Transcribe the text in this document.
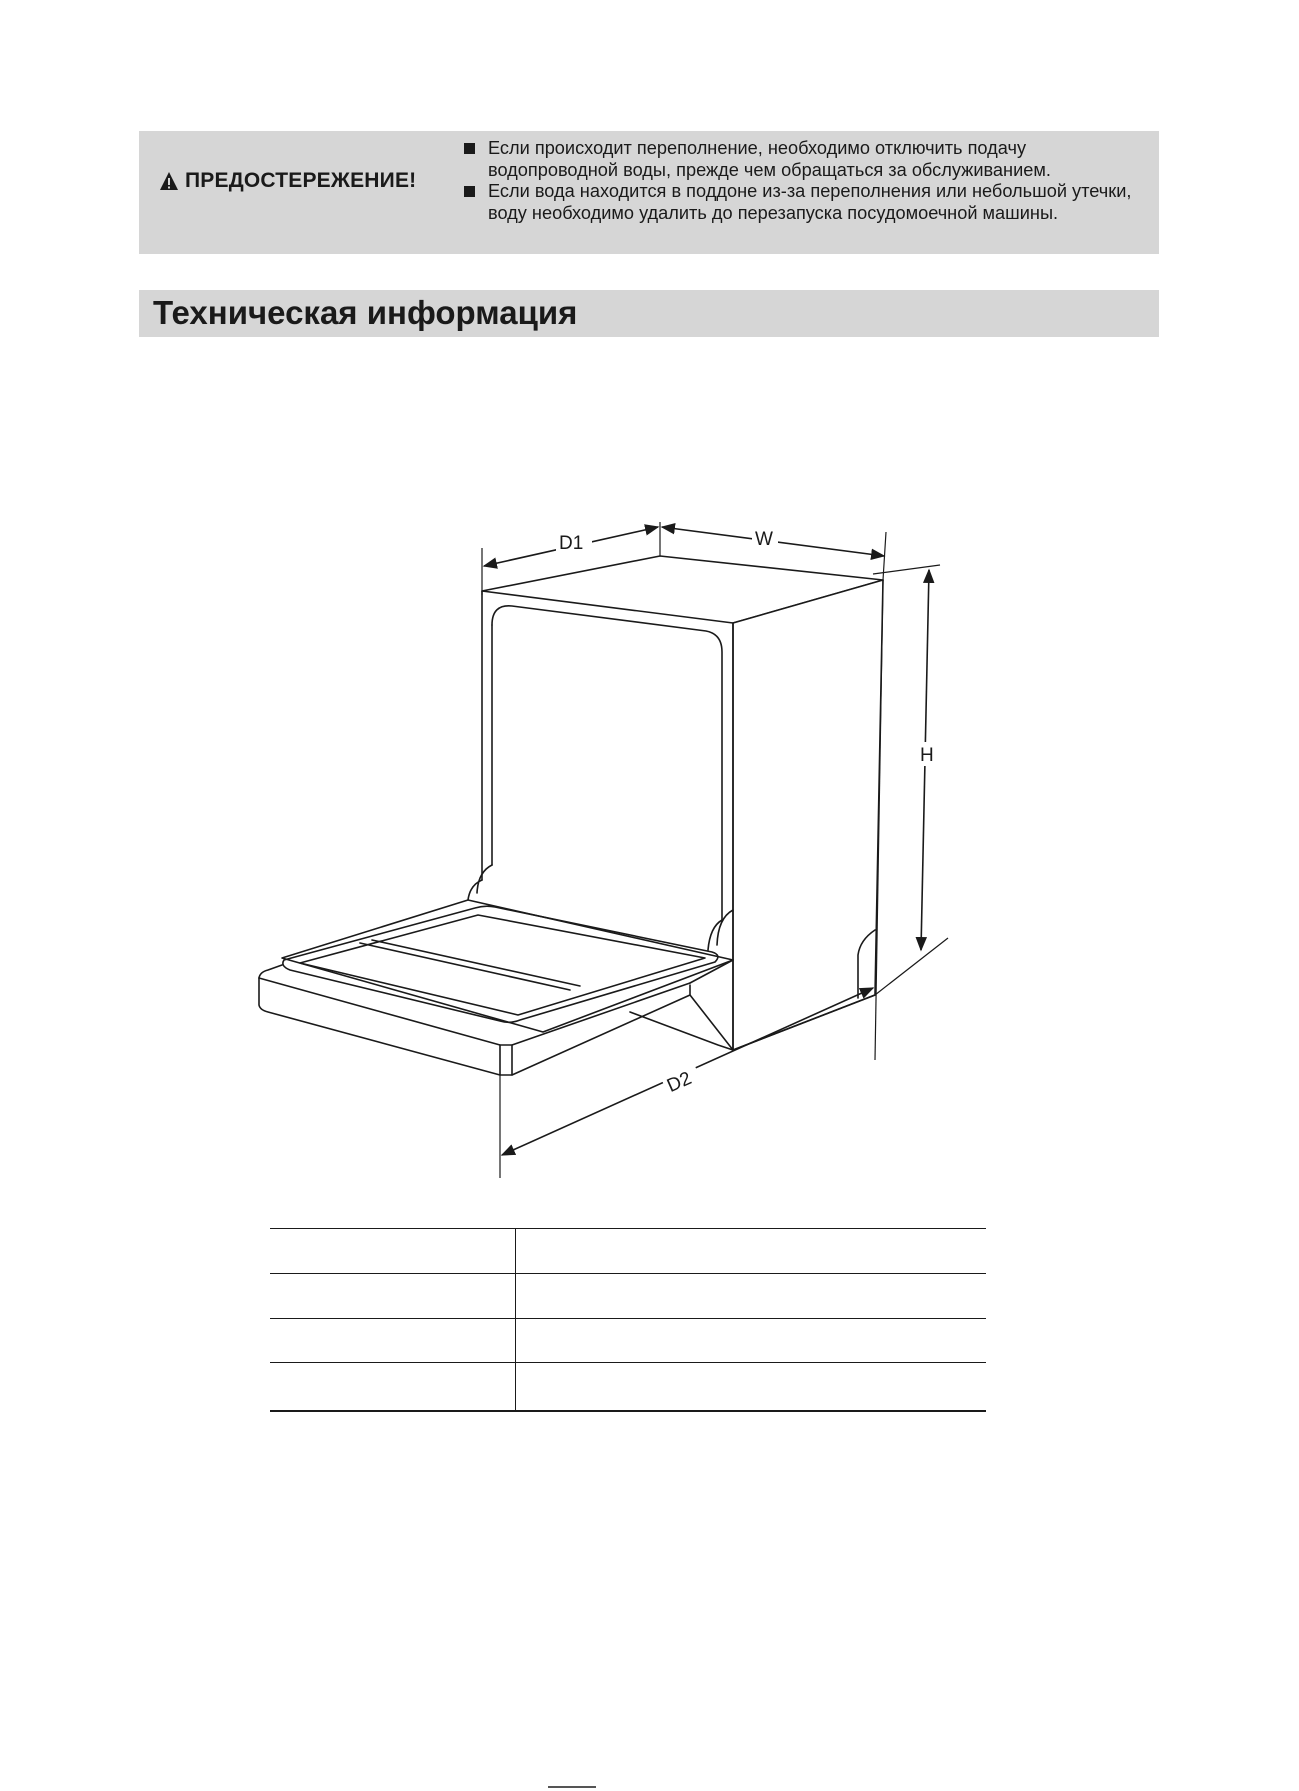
ПРЕДОСТЕРЕЖЕНИЕ!
Если происходит переполнение, необходимо отключить подачу водопроводной воды, прежде чем обращаться за обслуживанием.
Если вода находится в поддоне из-за переполнения или небольшой утечки, воду необходимо удалить до перезапуска посудомоечной машины.
Техническая информация
D1	W
H
D2
